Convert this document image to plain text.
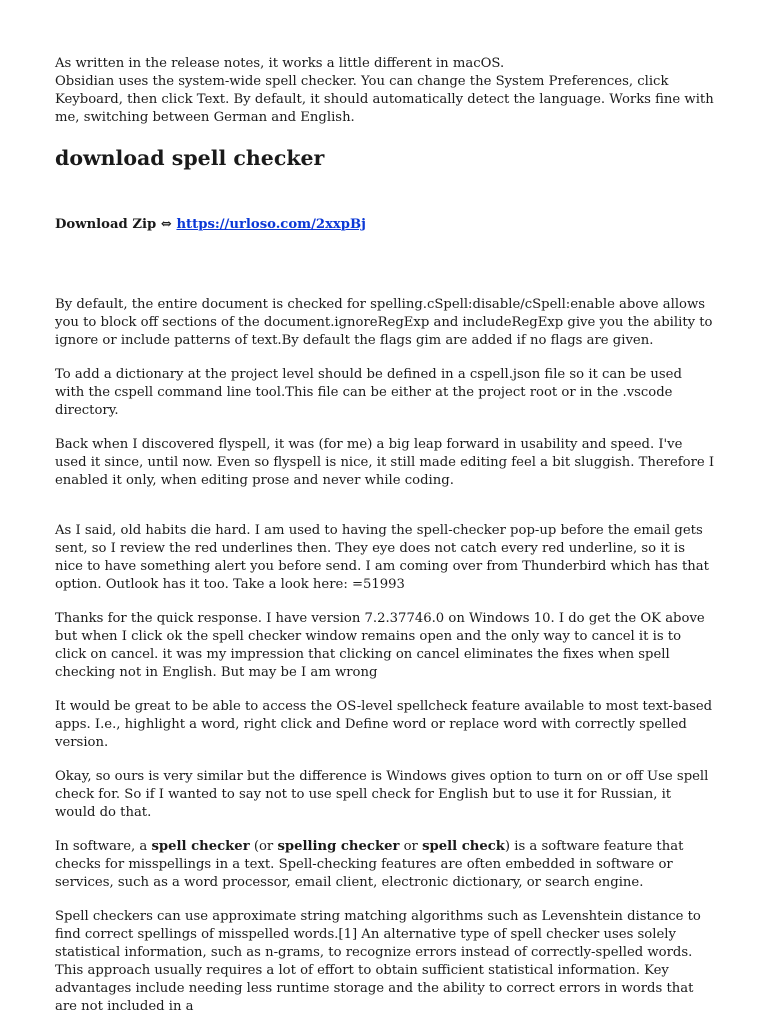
As written in the release notes, it works a little different in macOS.

Obsidian uses the system-wide spell checker. You can change the System Preferences, click Keyboard, then click Text. By default, it should automatically detect the language. Works fine with me, switching between German and English.

download spell checker
Download Zip ⇔ https://urloso.com/2xxpBj

By default, the entire document is checked for spelling.cSpell:disable/cSpell:enable above allows you to block off sections of the document.ignoreRegExp and includeRegExp give you the ability to ignore or include patterns of text.By default the flags gim are added if no flags are given.

To add a dictionary at the project level should be defined in a cspell.json file so it can be used with the cspell command line tool.This file can be either at the project root or in the .vscode directory.

Back when I discovered flyspell, it was (for me) a big leap forward in usability and speed. I've used it since, until now. Even so flyspell is nice, it still made editing feel a bit sluggish. Therefore I enabled it only, when editing prose and never while coding.

As I said, old habits die hard. I am used to having the spell-checker pop-up before the email gets sent, so I review the red underlines then. They eye does not catch every red underline, so it is nice to have something alert you before send. I am coming over from Thunderbird which has that option. Outlook has it too. Take a look here: =51993

Thanks for the quick response. I have version 7.2.37746.0 on Windows 10. I do get the OK above but when I click ok the spell checker window remains open and the only way to cancel it is to click on cancel. it was my impression that clicking on cancel eliminates the fixes when spell checking not in English. But may be I am wrong

It would be great to be able to access the OS-level spellcheck feature available to most text-based apps. I.e., highlight a word, right click and Define word or replace word with correctly spelled version.

Okay, so ours is very similar but the difference is Windows gives option to turn on or off Use spell check for. So if I wanted to say not to use spell check for English but to use it for Russian, it would do that.

In software, a spell checker (or spelling checker or spell check) is a software feature that checks for misspellings in a text. Spell-checking features are often embedded in software or services, such as a word processor, email client, electronic dictionary, or search engine.

Spell checkers can use approximate string matching algorithms such as Levenshtein distance to find correct spellings of misspelled words.[1] An alternative type of spell checker uses solely statistical information, such as n-grams, to recognize errors instead of correctly-spelled words. This approach usually requires a lot of effort to obtain sufficient statistical information. Key advantages include needing less runtime storage and the ability to correct errors in words that are not included in a
